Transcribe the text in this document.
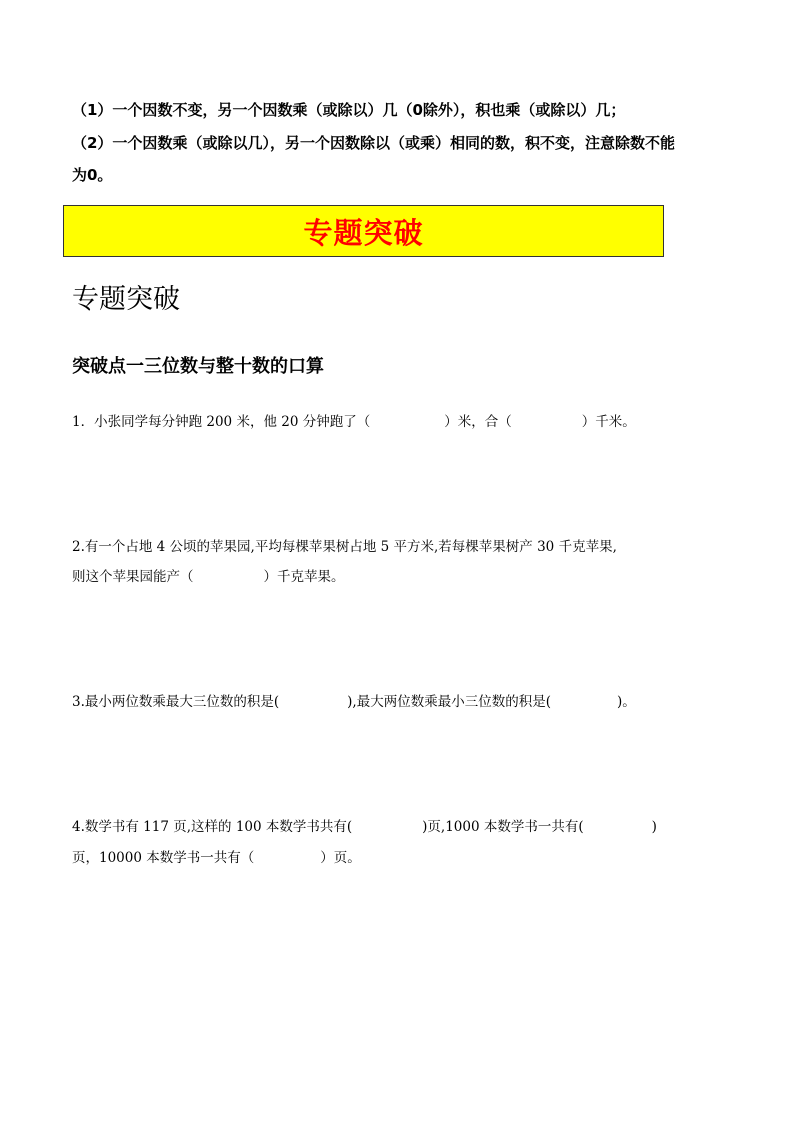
（1）一个因数不变，另一个因数乘（或除以）几（0除外），积也乘（或除以）几；
（2）一个因数乘（或除以几），另一个因数除以（或乘）相同的数，积不变，注意除数不能
为0。
专题突破
专题突破
突破点一三位数与整十数的口算
1．小张同学每分钟跑 200 米，他 20 分钟跑了（	）米，合（	）千米。
2.有一个占地 4 公顷的苹果园,平均每棵苹果树占地 5 平方米,若每棵苹果树产 30 千克苹果,
则这个苹果园能产（	）千克苹果。
3.最小两位数乘最大三位数的积是(	),最大两位数乘最小三位数的积是(	)。
4.数学书有 117 页,这样的 100 本数学书共有(	)页,1000 本数学书一共有(	)
页，10000 本数学书一共有（	）页。
